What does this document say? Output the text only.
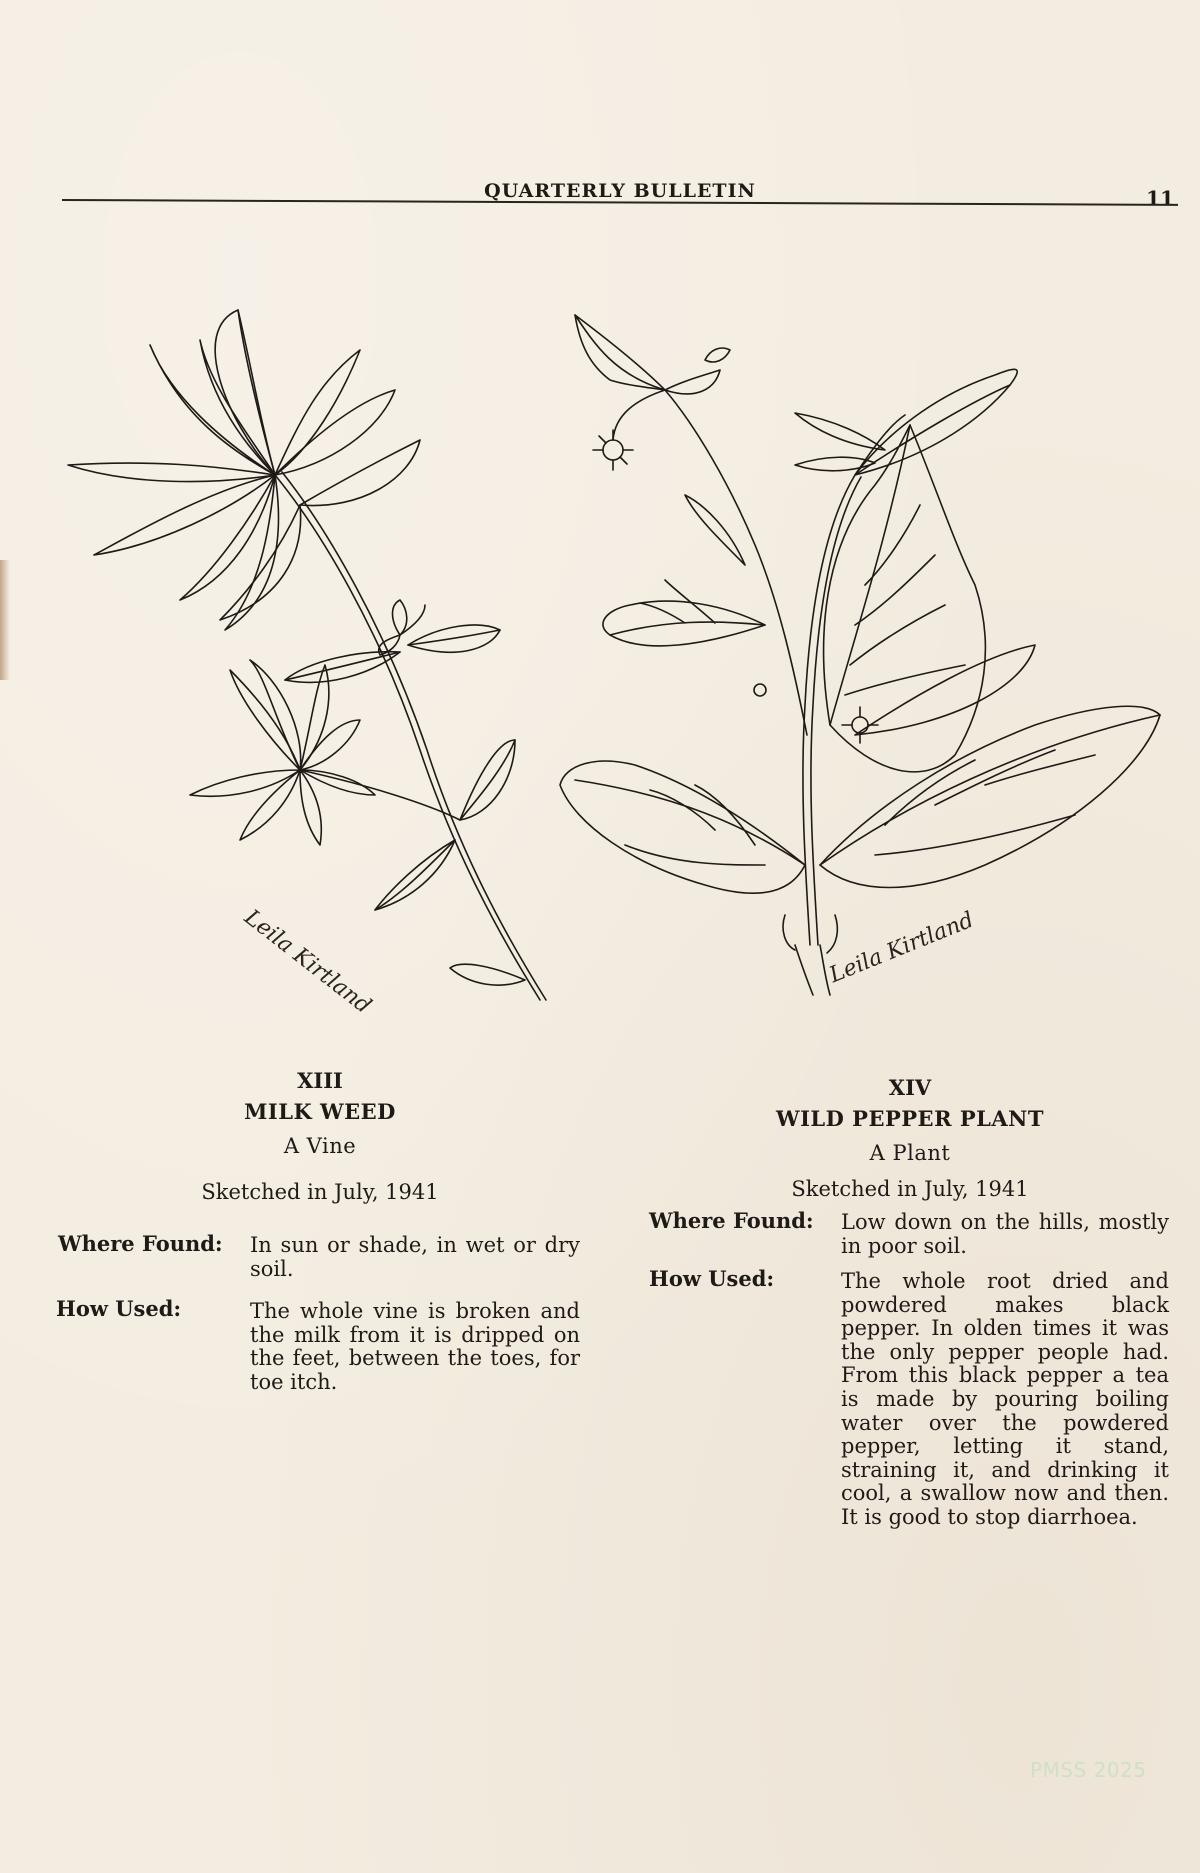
QUARTERLY BULLETIN	11
Leila Kirtland	Leila Kirtland
XIII
MILK WEED
A Vine
Sketched in July, 1941
Where Found: In sun or shade, in wet or dry soil.
How Used:	The whole vine is broken and the milk from it is dripped on the feet, between the toes, for toe itch.
XIV
WILD PEPPER PLANT
A Plant
Sketched in July, 1941
Where Found: Low down on the hills, mostly in poor soil.
How Used:	The whole root dried and powdered makes black pepper. In olden times it was the only pepper people had. From this black pepper a tea is made by pouring boiling water over the powdered pepper, letting it stand, straining it, and drinking it cool, a swallow now and then. It is good to stop diarrhoea.
PMSS 2025
